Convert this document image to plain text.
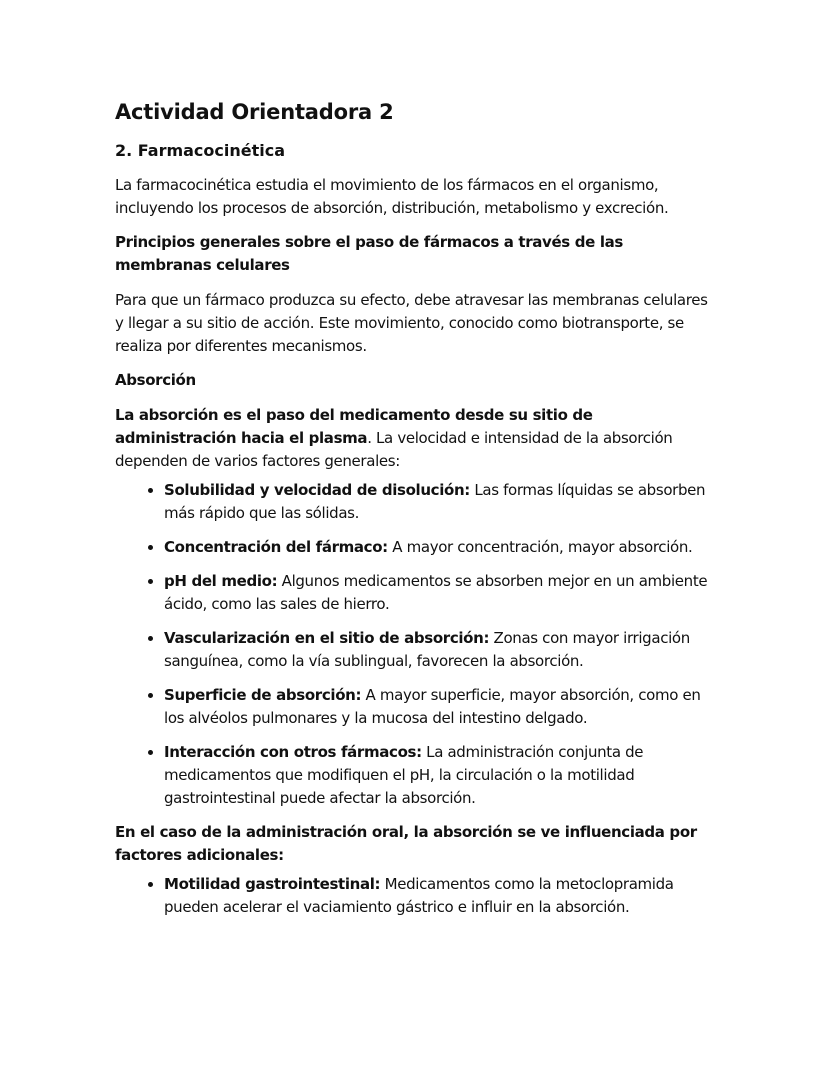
Actividad Orientadora 2
2. Farmacocinética

La farmacocinética estudia el movimiento de los fármacos en el organismo, incluyendo los procesos de absorción, distribución, metabolismo y excreción.

Principios generales sobre el paso de fármacos a través de las membranas celulares

Para que un fármaco produzca su efecto, debe atravesar las membranas celulares y llegar a su sitio de acción. Este movimiento, conocido como biotransporte, se realiza por diferentes mecanismos.

Absorción

La absorción es el paso del medicamento desde su sitio de administración hacia el plasma. La velocidad e intensidad de la absorción dependen de varios factores generales:

• Solubilidad y velocidad de disolución: Las formas líquidas se absorben más rápido que las sólidas.
• Concentración del fármaco: A mayor concentración, mayor absorción.
• pH del medio: Algunos medicamentos se absorben mejor en un ambiente ácido, como las sales de hierro.
• Vascularización en el sitio de absorción: Zonas con mayor irrigación sanguínea, como la vía sublingual, favorecen la absorción.
• Superficie de absorción: A mayor superficie, mayor absorción, como en los alvéolos pulmonares y la mucosa del intestino delgado.
• Interacción con otros fármacos: La administración conjunta de medicamentos que modifiquen el pH, la circulación o la motilidad gastrointestinal puede afectar la absorción.
En el caso de la administración oral, la absorción se ve influenciada por factores adicionales:
• Motilidad gastrointestinal: Medicamentos como la metoclopramida pueden acelerar el vaciamiento gástrico e influir en la absorción.
